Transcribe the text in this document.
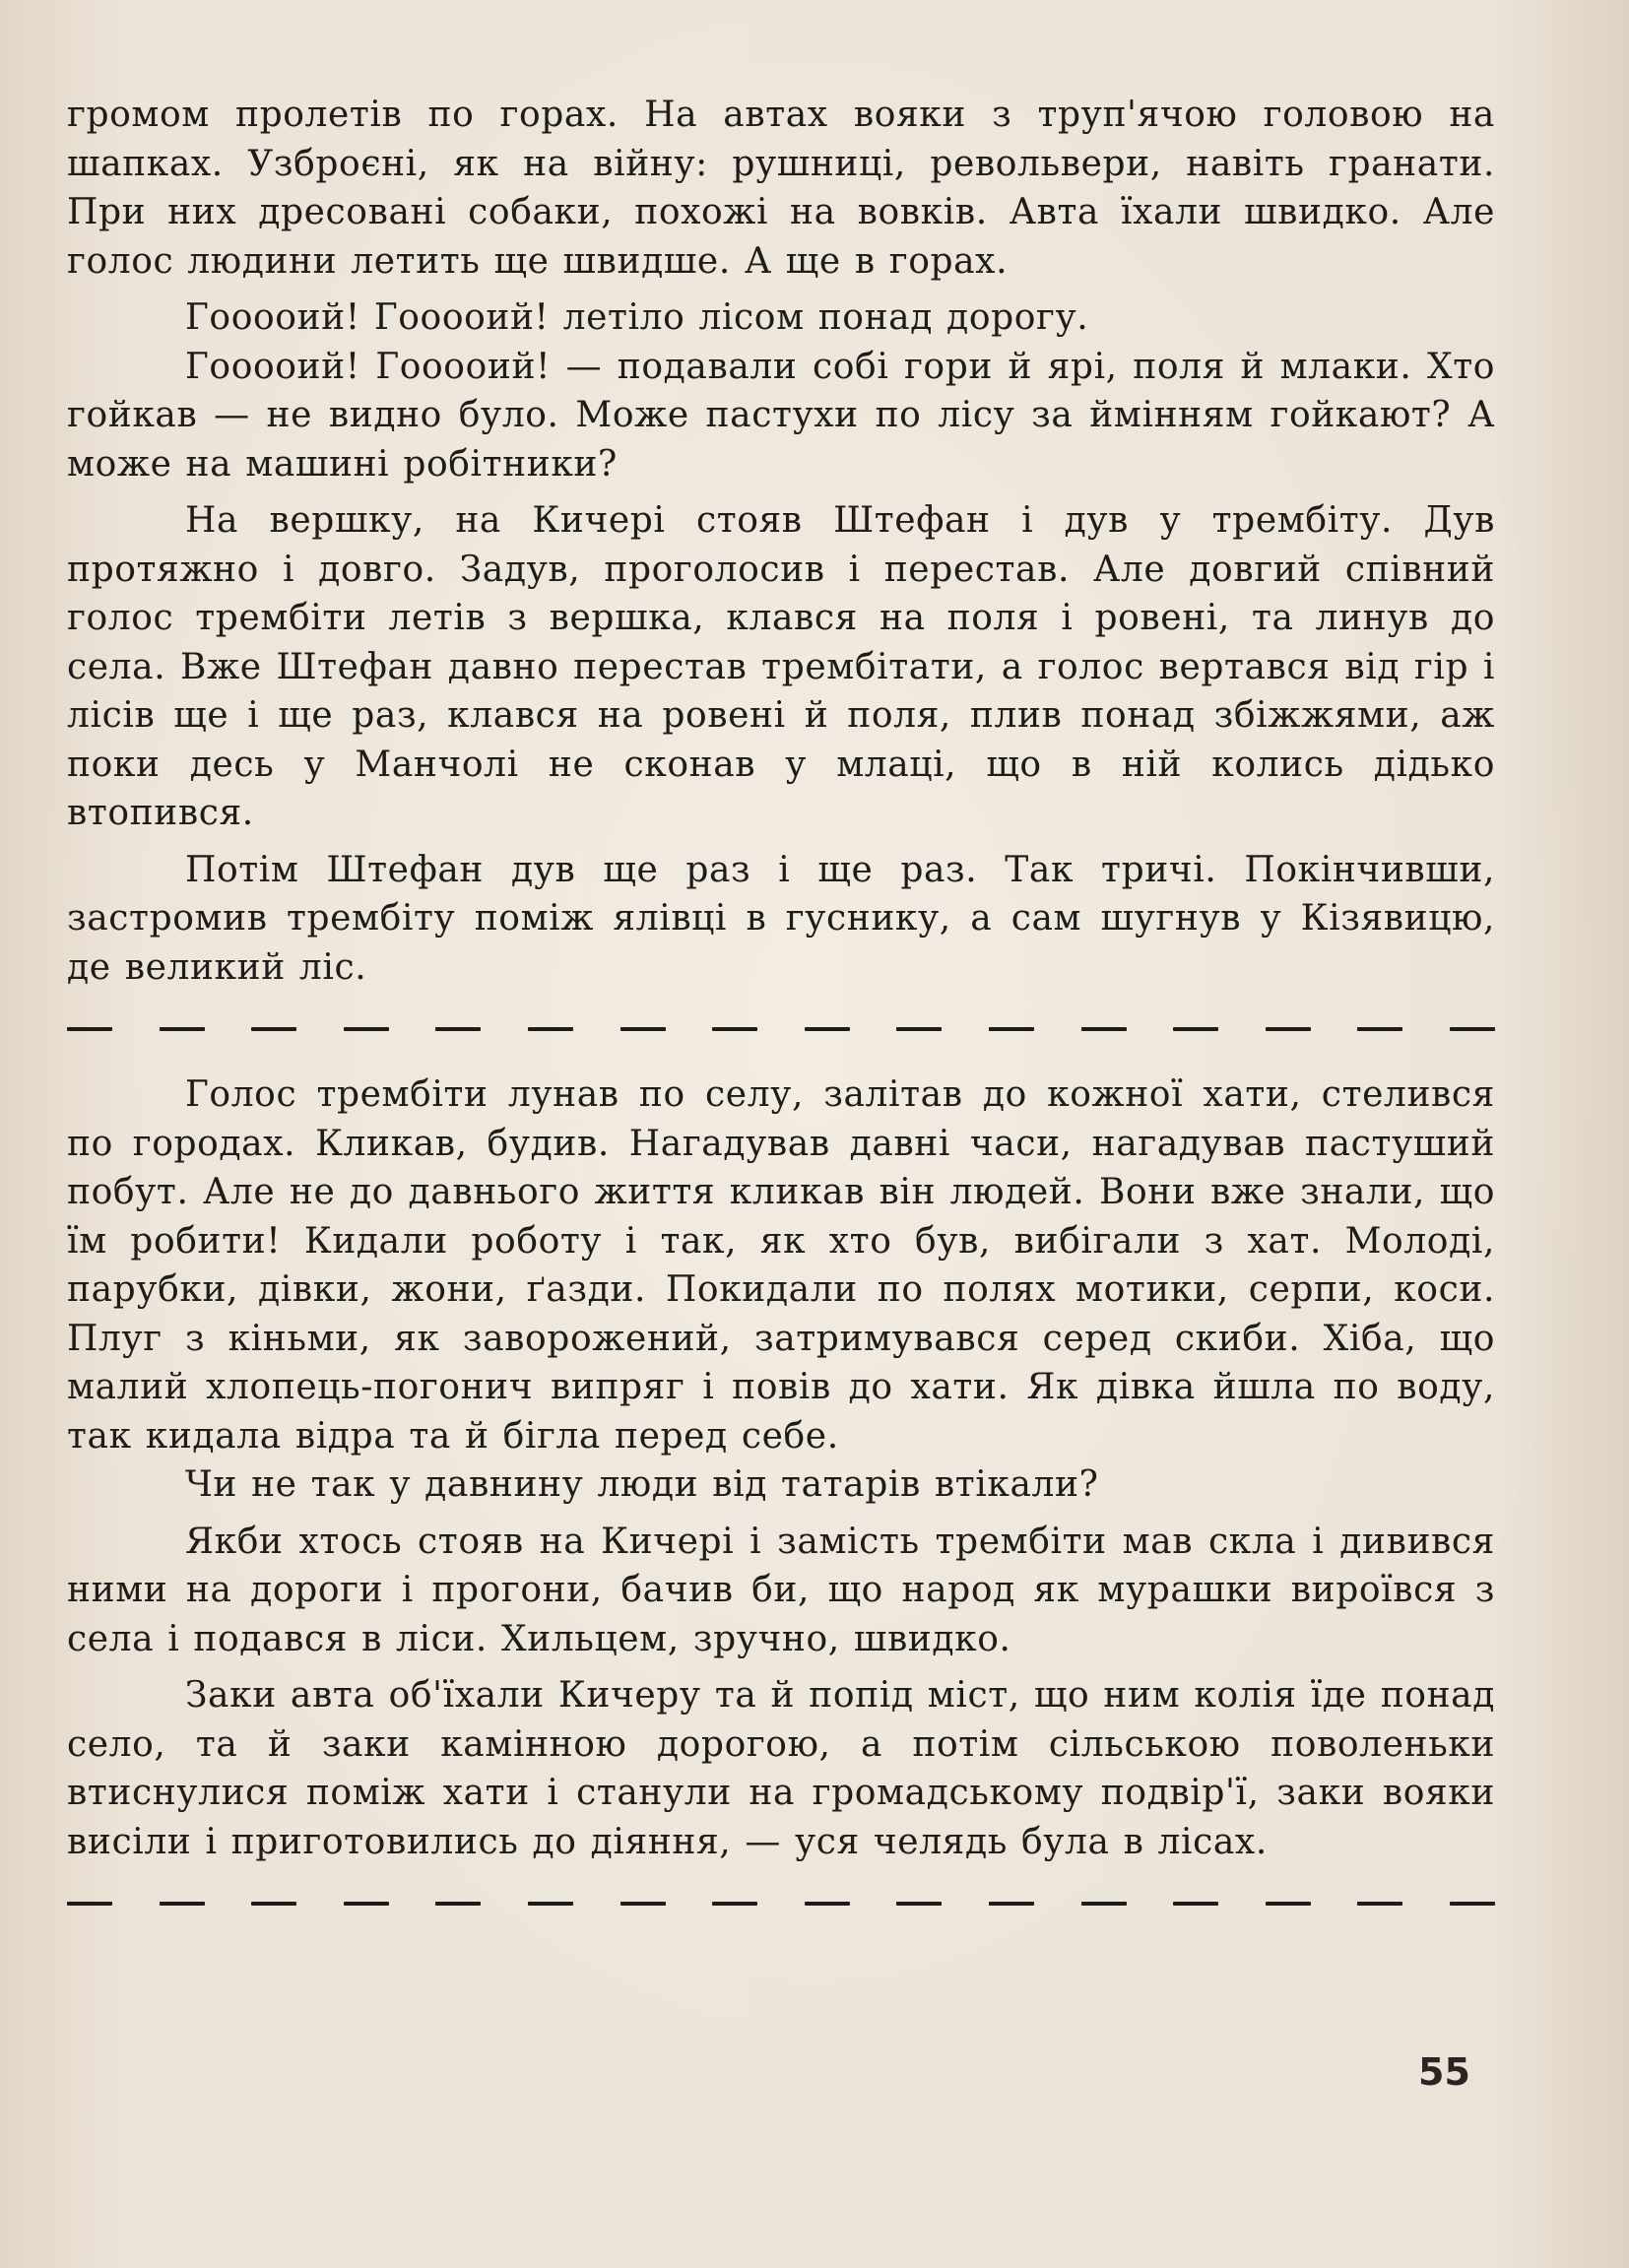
громом пролетів по горах. На автах вояки з труп'ячою головою на шапках. Узброєні, як на війну: рушниці, револьвери, навіть гранати. При них дресовані собаки, похожі на вовків. Авта їхали швидко. Але голос людини летить ще швидше. А ще в горах.

Гооооий! Гооооий! летіло лісом понад дорогу.

Гооооий! Гооооий! — подавали собі гори й ярі, поля й млаки. Хто гойкав — не видно було. Може пастухи по лісу за ймінням гойкают? А може на машині робітники?

На вершку, на Кичері стояв Штефан і дув у трембіту. Дув протяжно і довго. Задув, проголосив і перестав. Але довгий співний голос трембіти летів з вершка, клався на поля і ровені, та линув до села. Вже Штефан давно перестав трембітати, а голос вертався від гір і лісів ще і ще раз, клався на ровені й поля, плив понад збіжжями, аж поки десь у Манчолі не сконав у млаці, що в ній колись дідько втопився.

Потім Штефан дув ще раз і ще раз. Так тричі. Покінчивши, застромив трембіту поміж ялівці в гуснику, а сам шугнув у Кізявицю, де великий ліс.

Голос трембіти лунав по селу, залітав до кожної хати, стелився по городах. Кликав, будив. Нагадував давні часи, нагадував пастуший побут. Але не до давнього життя кликав він людей. Вони вже знали, що їм робити! Кидали роботу і так, як хто був, вибігали з хат. Молоді, парубки, дівки, жони, ґазди. Покидали по полях мотики, серпи, коси. Плуг з кіньми, як заворожений, затримувався серед скиби. Хіба, що малий хлопець-погонич випряг і повів до хати. Як дівка йшла по воду, так кидала відра та й бігла перед себе.

Чи не так у давнину люди від татарів втікали?

Якби хтось стояв на Кичері і замість трембіти мав скла і дивився ними на дороги і прогони, бачив би, що народ як мурашки вироївся з села і подався в ліси. Хильцем, зручно, швидко.

Заки авта об'їхали Кичеру та й попід міст, що ним колія їде понад село, та й заки камінною дорогою, а потім сільською поволеньки втиснулися поміж хати і станули на громадському подвір'ї, заки вояки висіли і приготовились до діяння, — уся челядь була в лісах.

55
